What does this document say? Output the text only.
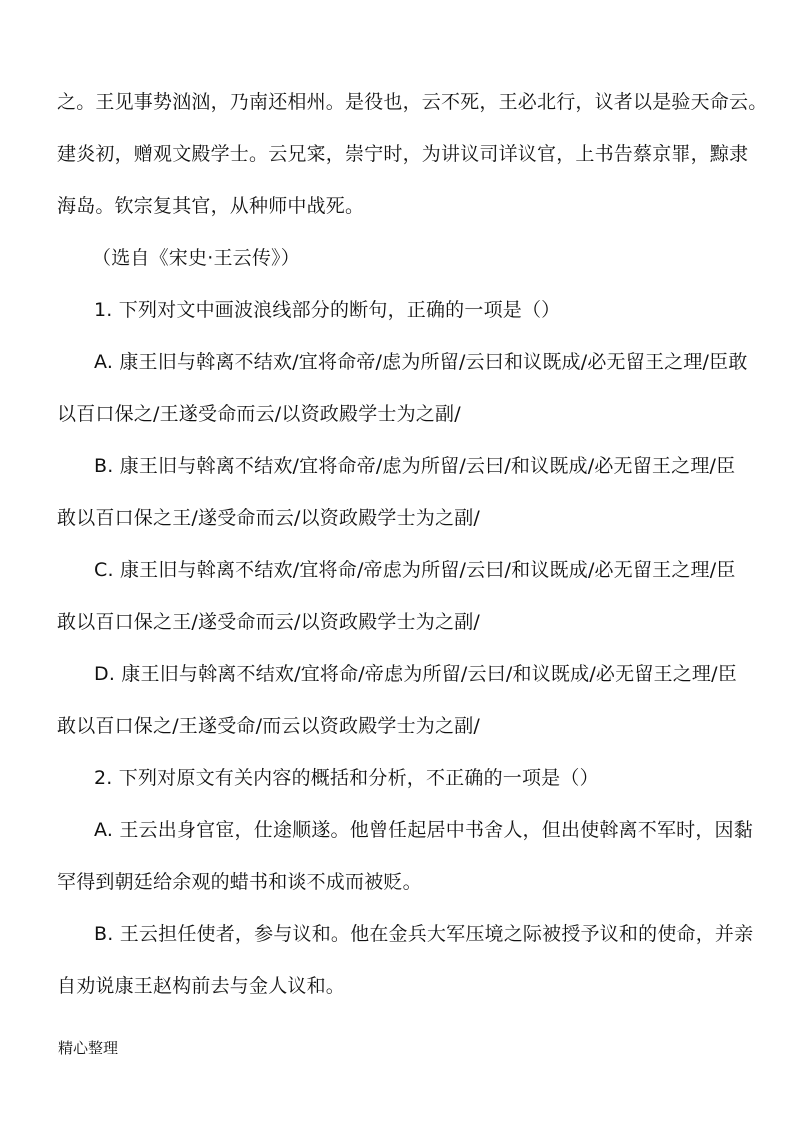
之。王见事势汹汹，乃南还相州。是役也，云不死，王必北行，议者以是验天命云。
建炎初，赠观文殿学士。云兄寀，崇宁时，为讲议司详议官，上书告蔡京罪，黥隶
海岛。钦宗复其官，从种师中战死。
（选自《宋史·王云传》）
1. 下列对文中画波浪线部分的断句，正确的一项是（）
A. 康王旧与斡离不结欢/宜将命帝/虑为所留/云曰和议既成/必无留王之理/臣敢
以百口保之/王遂受命而云/以资政殿学士为之副/
B. 康王旧与斡离不结欢/宜将命帝/虑为所留/云曰/和议既成/必无留王之理/臣
敢以百口保之王/遂受命而云/以资政殿学士为之副/
C. 康王旧与斡离不结欢/宜将命/帝虑为所留/云曰/和议既成/必无留王之理/臣
敢以百口保之王/遂受命而云/以资政殿学士为之副/
D. 康王旧与斡离不结欢/宜将命/帝虑为所留/云曰/和议既成/必无留王之理/臣
敢以百口保之/王遂受命/而云以资政殿学士为之副/
2. 下列对原文有关内容的概括和分析，不正确的一项是（）
A. 王云出身官宦，仕途顺遂。他曾任起居中书舍人，但出使斡离不军时，因黏
罕得到朝廷给余观的蜡书和谈不成而被贬。
B. 王云担任使者，参与议和。他在金兵大军压境之际被授予议和的使命，并亲
自劝说康王赵构前去与金人议和。
精心整理
